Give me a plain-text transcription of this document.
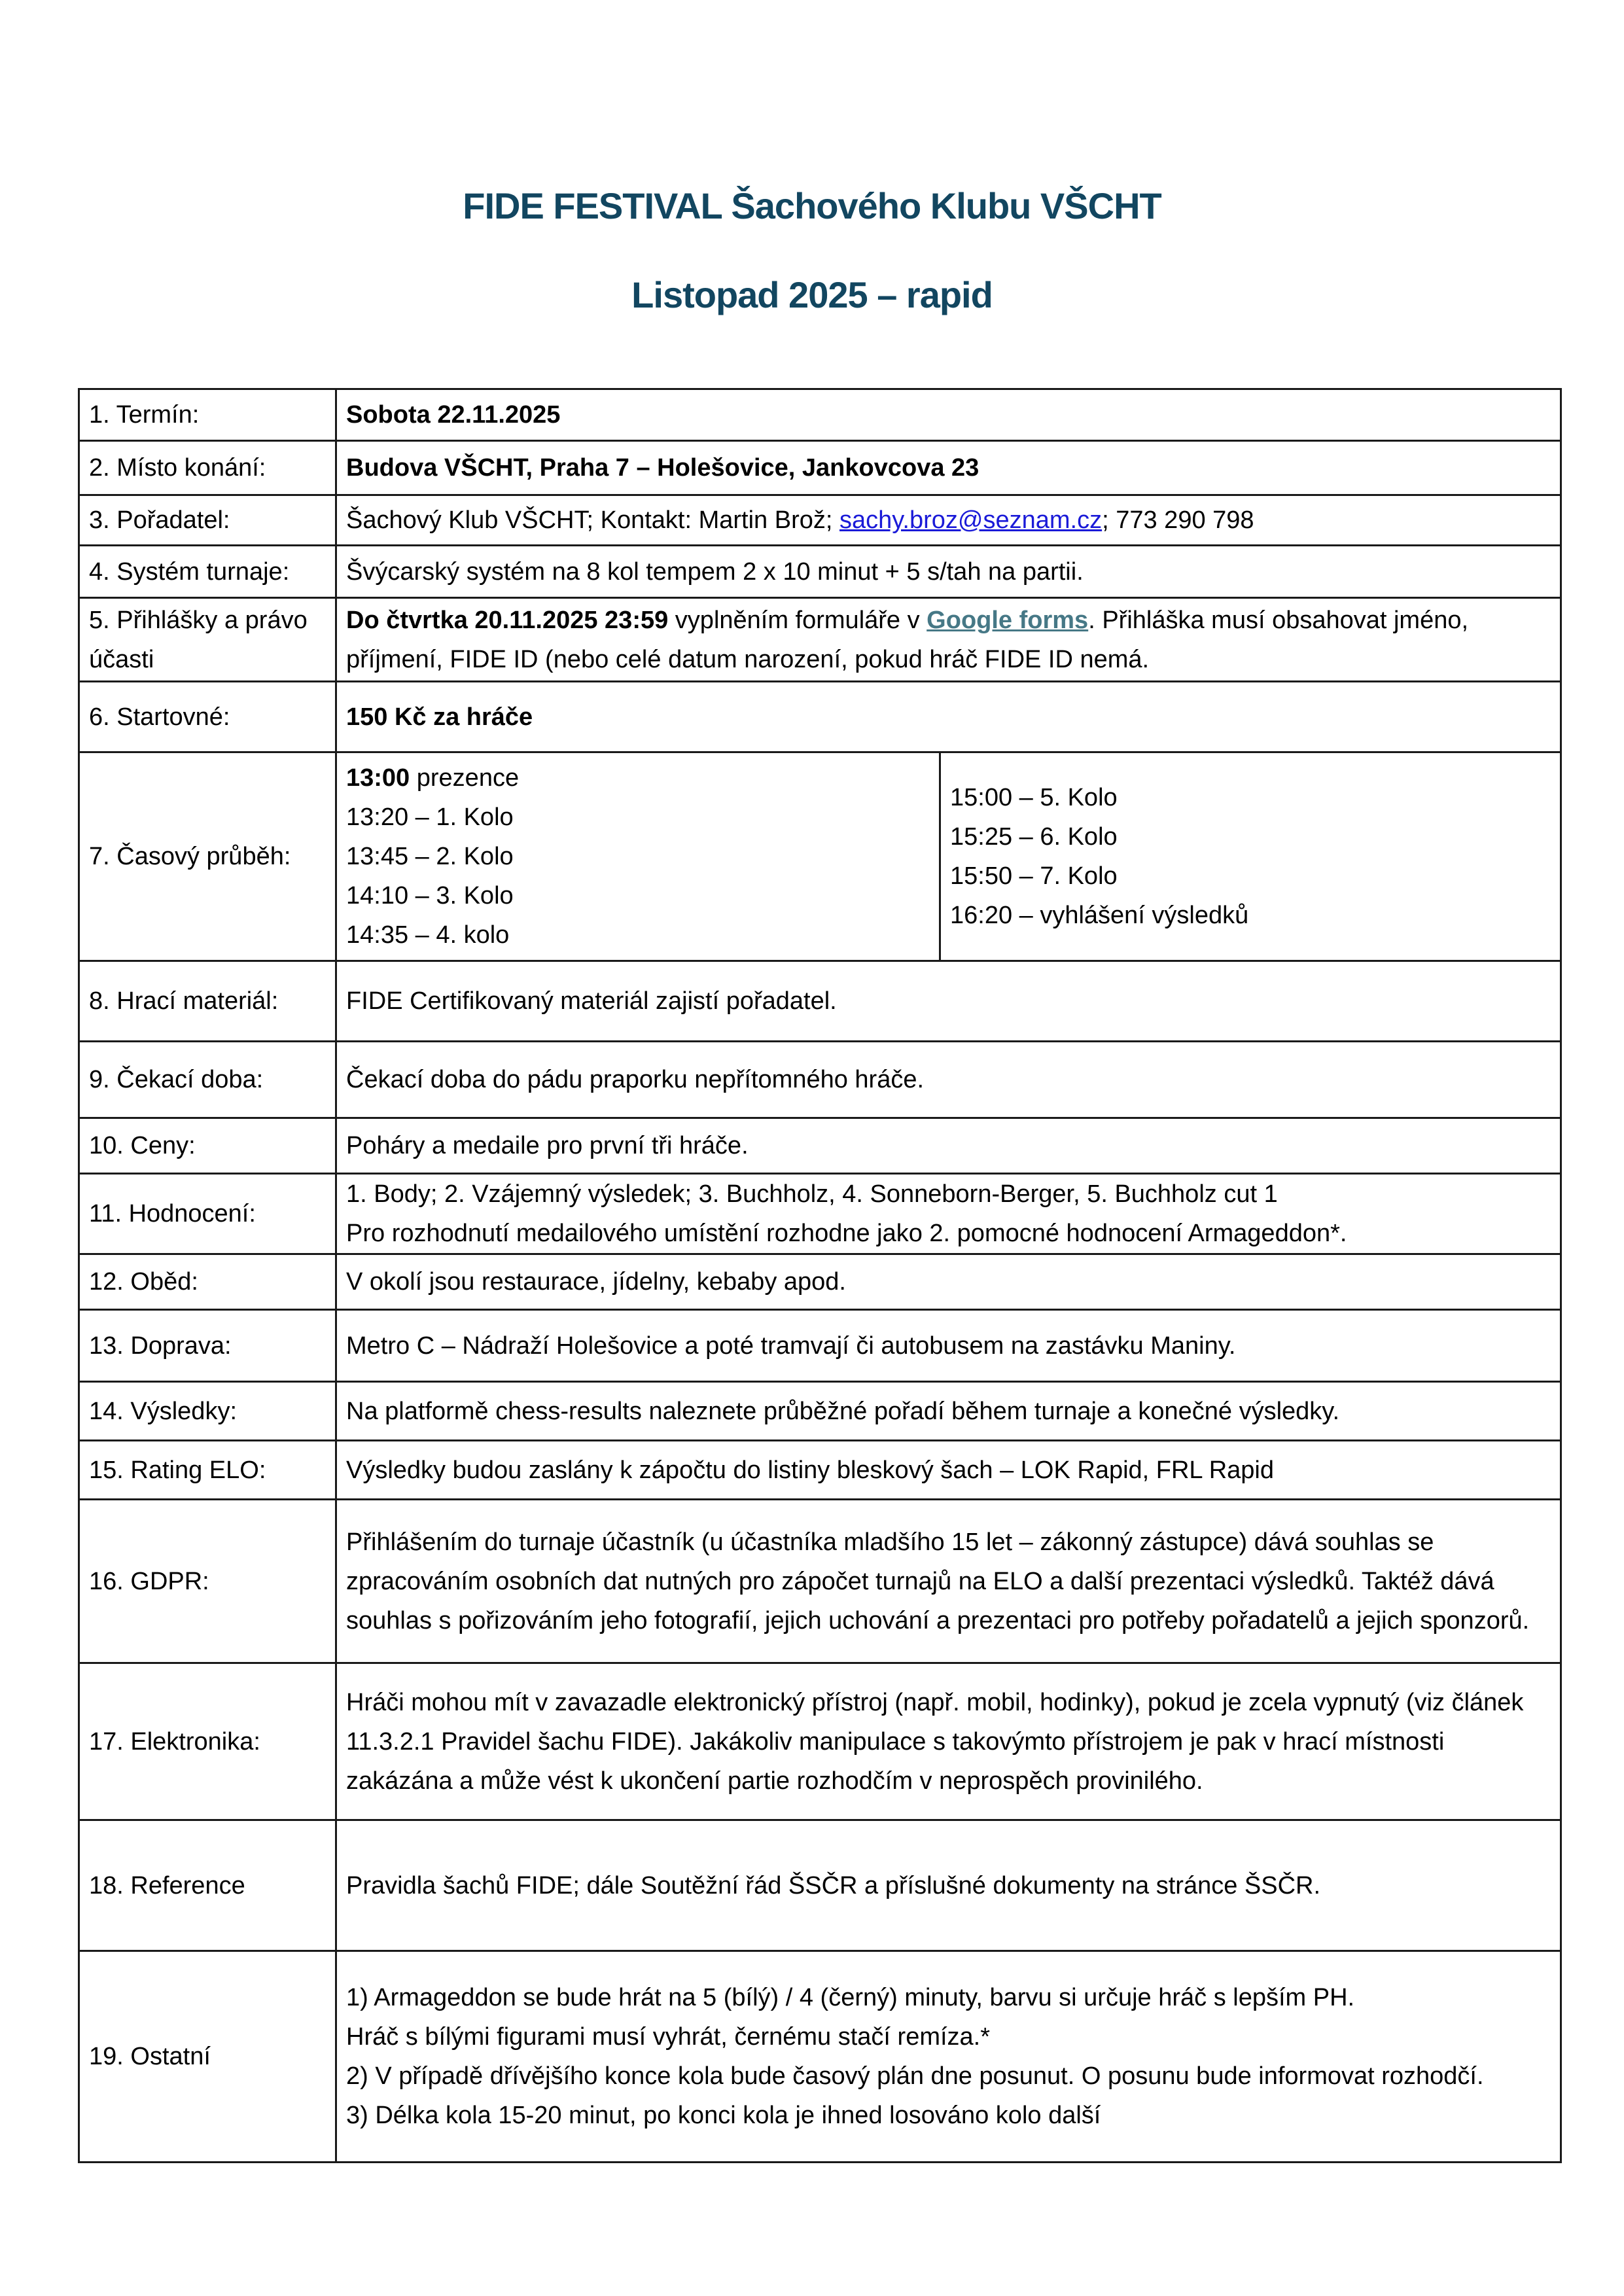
FIDE FESTIVAL Šachového Klubu VŠCHT
Listopad 2025 – rapid
1. Termín:	Sobota 22.11.2025
2. Místo konání:	Budova VŠCHT, Praha 7 – Holešovice, Jankovcova 23
3. Pořadatel:	Šachový Klub VŠCHT; Kontakt: Martin Brož; sachy.broz@seznam.cz; 773 290 798
4. Systém turnaje:	Švýcarský systém na 8 kol tempem 2 x 10 minut + 5 s/tah na partii.
5. Přihlášky a právo účasti	Do čtvrtka 20.11.2025 23:59 vyplněním formuláře v Google forms. Přihláška musí obsahovat jméno, příjmení, FIDE ID (nebo celé datum narození, pokud hráč FIDE ID nemá.
6. Startovné:	150 Kč za hráče
7. Časový průběh:	
13:00 prezence
13:20 – 1. Kolo
13:45 – 2. Kolo
14:10 – 3. Kolo
14:35 – 4. kolo
15:00 – 5. Kolo
15:25 – 6. Kolo
15:50 – 7. Kolo
16:20 – vyhlášení výsledků

8. Hrací materiál:	FIDE Certifikovaný materiál zajistí pořadatel.
9. Čekací doba:	Čekací doba do pádu praporku nepřítomného hráče.
10. Ceny:	Poháry a medaile pro první tři hráče.
11. Hodnocení:	1. Body; 2. Vzájemný výsledek; 3. Buchholz, 4. Sonneborn-Berger, 5. Buchholz cut 1
Pro rozhodnutí medailového umístění rozhodne jako 2. pomocné hodnocení Armageddon*.

12. Oběd:	V okolí jsou restaurace, jídelny, kebaby apod.
13. Doprava:	Metro C – Nádraží Holešovice a poté tramvají či autobusem na zastávku Maniny.
14. Výsledky:	Na platformě chess-results naleznete průběžné pořadí během turnaje a konečné výsledky.
15. Rating ELO:	Výsledky budou zaslány k zápočtu do listiny bleskový šach – LOK Rapid, FRL Rapid
16. GDPR:	Přihlášením do turnaje účastník (u účastníka mladšího 15 let – zákonný zástupce) dává souhlas se zpracováním osobních dat nutných pro zápočet turnajů na ELO a další prezentaci výsledků. Taktéž dává souhlas s pořizováním jeho fotografií, jejich uchování a prezentaci pro potřeby pořadatelů a jejich sponzorů.
17. Elektronika:	Hráči mohou mít v zavazadle elektronický přístroj (např. mobil, hodinky), pokud je zcela vypnutý (viz článek 11.3.2.1 Pravidel šachu FIDE). Jakákoliv manipulace s takovýmto přístrojem je pak v hrací místnosti zakázána a může vést k ukončení partie rozhodčím v neprospěch provinilého.
18. Reference	Pravidla šachů FIDE; dále Soutěžní řád ŠSČR a příslušné dokumenty na stránce ŠSČR.
19. Ostatní	1) Armageddon se bude hrát na 5 (bílý) / 4 (černý) minuty, barvu si určuje hráč s lepším PH.
Hráč s bílými figurami musí vyhrát, černému stačí remíza.*
2) V případě dřívějšího konce kola bude časový plán dne posunut. O posunu bude informovat rozhodčí.
3) Délka kola 15-20 minut, po konci kola je ihned losováno kolo další
